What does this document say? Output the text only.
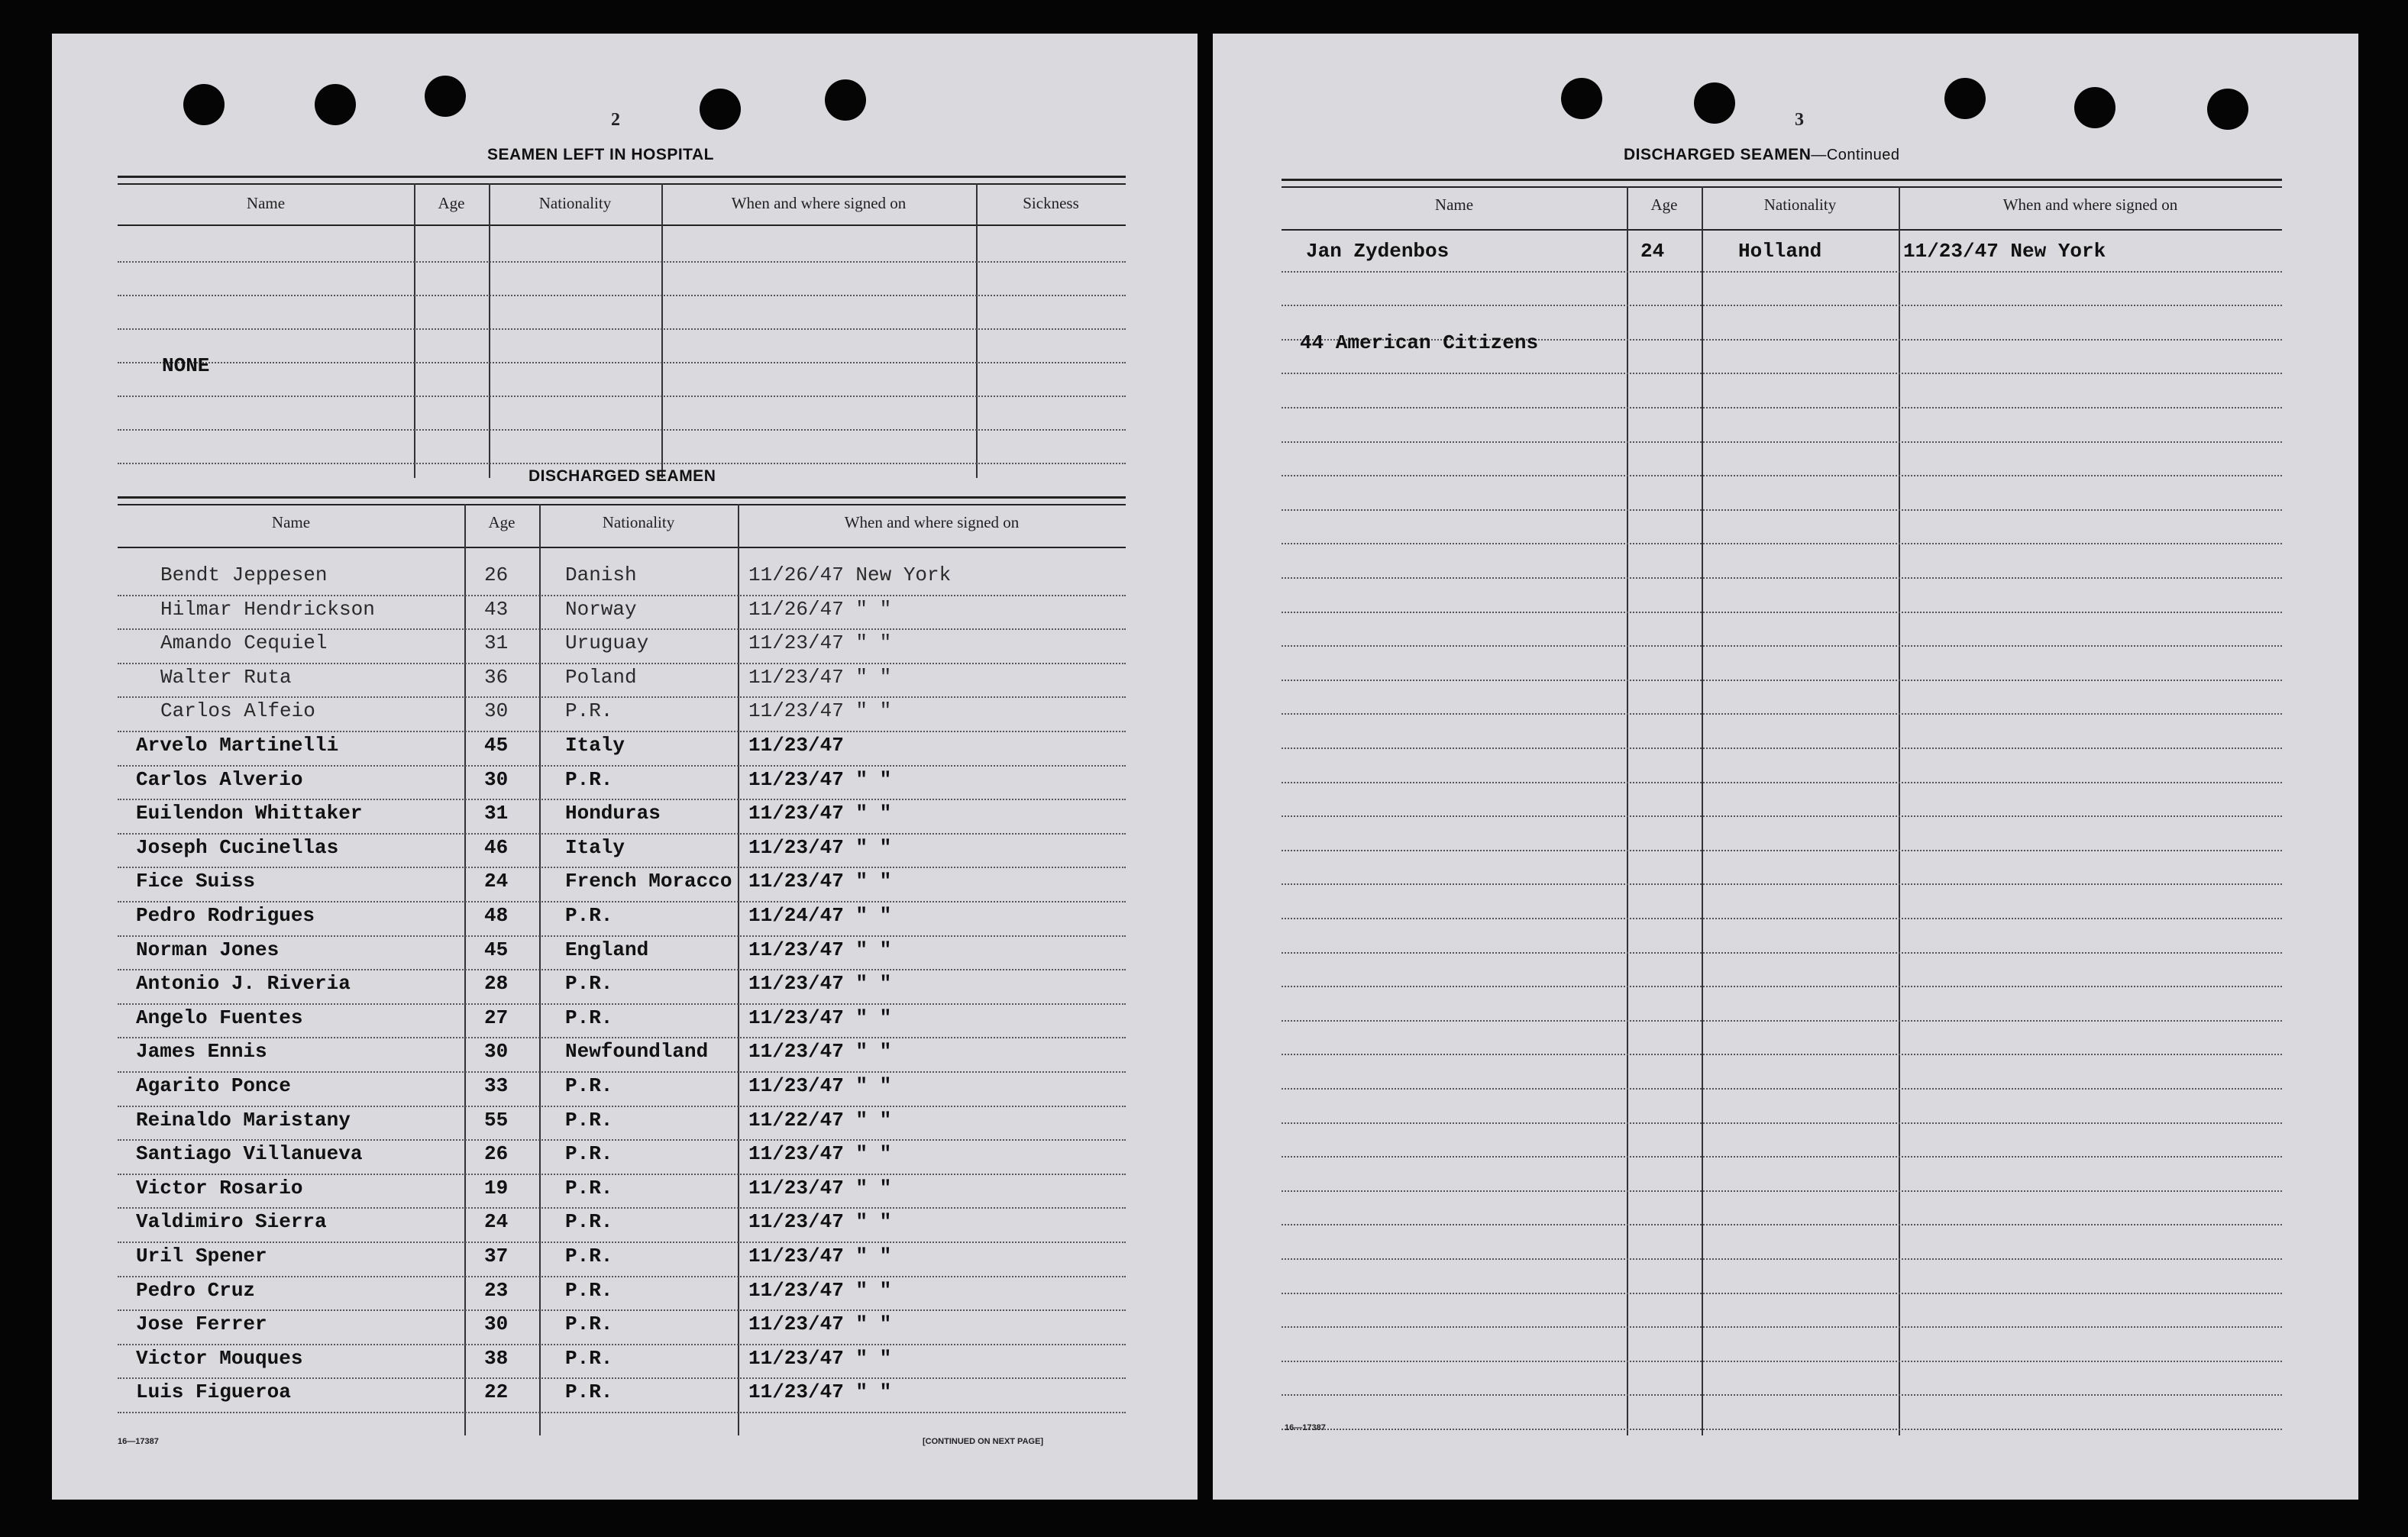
2
SEAMEN LEFT IN HOSPITAL
Name	Age	Nationality	When and where signed on	Sickness
NONE
DISCHARGED SEAMEN
Name	Age	Nationality	When and where signed on
Bendt Jeppesen	26	Danish	11/26/47 New York
Hilmar Hendrickson	43	Norway	11/26/47 " "
Amando Cequiel	31	Uruguay	11/23/47 " "
Walter Ruta	36	Poland	11/23/47 " "
Carlos Alfeio	30	P.R.	11/23/47 " "
Arvelo Martinelli	45	Italy	11/23/47
Carlos Alverio	30	P.R.	11/23/47 " "
Euilendon Whittaker	31	Honduras	11/23/47 " "
Joseph Cucinellas	46	Italy	11/23/47 " "
Fice Suiss	24	French Moracco 11/23/47 " "
Pedro Rodrigues	48	P.R.	11/24/47 " "
Norman Jones	45	England	11/23/47 " "
Antonio J. Riveria	28	P.R.	11/23/47 " "
Angelo Fuentes	27	P.R.	11/23/47 " "
James Ennis	30	Newfoundland 11/23/47 " "
Agarito Ponce	33	P.R.	11/23/47 " "
Reinaldo Maristany	55	P.R.	11/22/47 " "
Santiago Villanueva	26	P.R.	11/23/47 " "
Victor Rosario	19	P.R.	11/23/47 " "
Valdimiro Sierra	24	P.R.	11/23/47 " "
Uril Spener	37	P.R.	11/23/47 " "
Pedro Cruz	23	P.R.	11/23/47 " "
Jose Ferrer	30	P.R.	11/23/47 " "
Victor Mouques	38	P.R.	11/23/47 " "
Luis Figueroa	22	P.R.	11/23/47 " "
16—17387	[CONTINUED ON NEXT PAGE]
3
DISCHARGED SEAMEN—Continued
Name	Age	Nationality	When and where signed on
Jan Zydenbos	24	Holland	11/23/47 New York
44 American Citizens
16—17387
